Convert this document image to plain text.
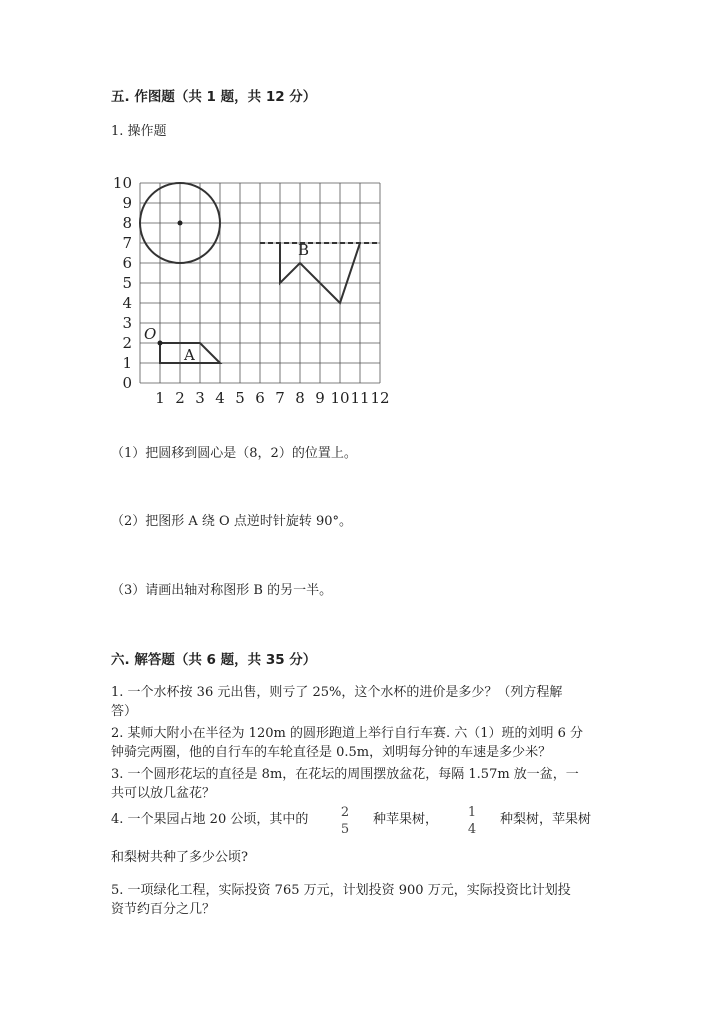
五. 作图题（共 1 题，共 12 分）
1. 操作题
1 2 3 4 5 6 7 8 9 10 11 12
0
1
2
3
4
5
6
7
8
9
10
O
A
B
（1）把圆移到圆心是（8，2）的位置上。
（2）把图形 A 绕 O 点逆时针旋转 90°。
（3）请画出轴对称图形 B 的另一半。
六. 解答题（共 6 题，共 35 分）
1. 一个水杯按 36 元出售，则亏了 25%，这个水杯的进价是多少？（列方程解
答）
2. 某师大附小在半径为 120m 的圆形跑道上举行自行车赛. 六（1）班的刘明 6 分
钟骑完两圈，他的自行车的车轮直径是 0.5m，刘明每分钟的车速是多少米？
3. 一个圆形花坛的直径是 8m，在花坛的周围摆放盆花，每隔 1.57m 放一盆，一
共可以放几盆花？
4. 一个果园占地 20 公顷，其中的	2
5
种苹果树， 1
4
种梨树，苹果树
和梨树共种了多少公顷?
5. 一项绿化工程，实际投资 765 万元，计划投资 900 万元，实际投资比计划投
资节约百分之几？
